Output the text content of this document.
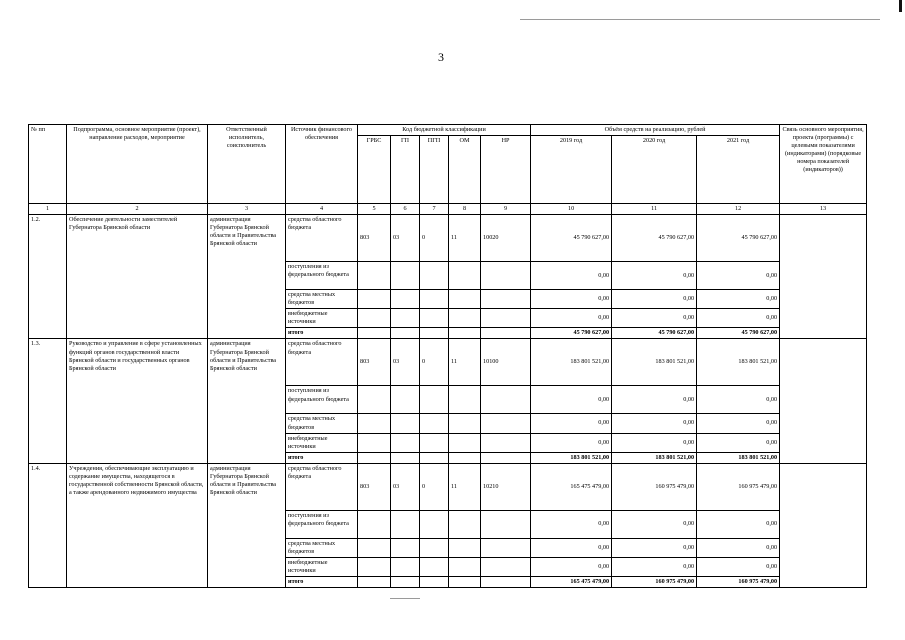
3
№ пп	Подпрограмма, основное мероприятие (проект), направление расходов, мероприятие	Ответственный исполнитель, соисполнитель	Источник финансового обеспечения	Код бюджетной классификации					Объём средств на реализацию, рублей			Связь основного мероприятия, проекта (программы) с целевыми показателями (индикаторами) (порядковые номера показателей (индикаторов))
				ГРБС	ГП	ПГП	ОМ	НР	2019 год	2020 год	2021 год	
1	2	3	4	5	6	7	8	9	10	11	12	13
1.2.	Обеспечение деятельности заместителей Губернатора Брянской области	администрация Губернатора Брянской области и Правительства Брянской области	средства областного бюджета	803	03	0	11	10020	45 790 627,00	45 790 627,00	45 790 627,00	
			поступления из федерального бюджета						0,00	0,00	0,00	
			средства местных бюджетов						0,00	0,00	0,00	
			внебюджетные источники						0,00	0,00	0,00	
			итого						45 790 627,00	45 790 627,00	45 790 627,00	
1.3.	Руководство и управление в сфере установленных функций органов государственной власти Брянской области и государственных органов Брянской области	администрация Губернатора Брянской области и Правительства Брянской области	средства областного бюджета	803	03	0	11	10100	183 801 521,00	183 801 521,00	183 801 521,00	
			поступления из федерального бюджета						0,00	0,00	0,00	
			средства местных бюджетов						0,00	0,00	0,00	
			внебюджетные источники						0,00	0,00	0,00	
			итого						183 801 521,00	183 801 521,00	183 801 521,00	
1.4.	Учреждения, обеспечивающие эксплуатацию и содержание имущества, находящегося в государственной собственности Брянской области, а также арендованного недвижимого имущества	администрация Губернатора Брянской области и Правительства Брянской области	средства областного бюджета	803	03	0	11	10210	165 475 479,00	160 975 479,00	160 975 479,00	
			поступления из федерального бюджета						0,00	0,00	0,00	
			средства местных бюджетов						0,00	0,00	0,00	
			внебюджетные источники						0,00	0,00	0,00	
			итого						165 475 479,00	160 975 479,00	160 975 479,00	
